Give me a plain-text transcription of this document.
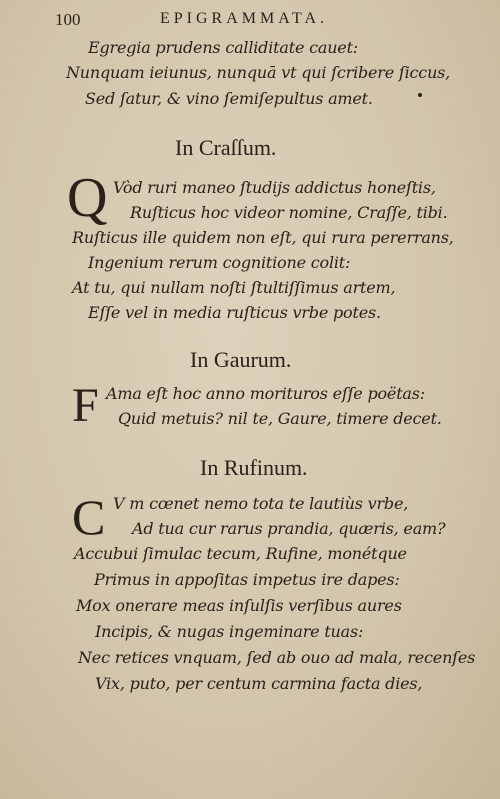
100	EPIGRAMMATA.
Egregia prudens calliditate cauet:
Nunquam ieiunus, nunquā vt qui ſcribere ſiccus,
Sed ſatur, & vino ſemiſepultus amet.
In Craſſum.
Q Vòd ruri maneo ſtudijs addictus honeſtis,
Ruſticus hoc videor nomine, Craſſe, tibi.
Ruſticus ille quidem non eſt, qui rura pererrans,
Ingenium rerum cognitione colit:
At tu, qui nullam noſti ſtultiſſimus artem,
Eſſe vel in media ruſticus vrbe potes.
In Gaurum.
F Ama eſt hoc anno morituros eſſe poëtas:
Quid metuis? nil te, Gaure, timere decet.
In Rufinum.
C V m cœnet nemo tota te lautiùs vrbe,
Ad tua cur rarus prandia, quæris, eam?
Accubui ſimulac tecum, Rufine, monétque
Primus in appoſitas impetus ire dapes:
Mox onerare meas inſulſis verſibus aures
Incipis, & nugas ingeminare tuas:
Nec retices vnquam, ſed ab ouo ad mala, recenſes
Vix, puto, per centum carmina facta dies,
